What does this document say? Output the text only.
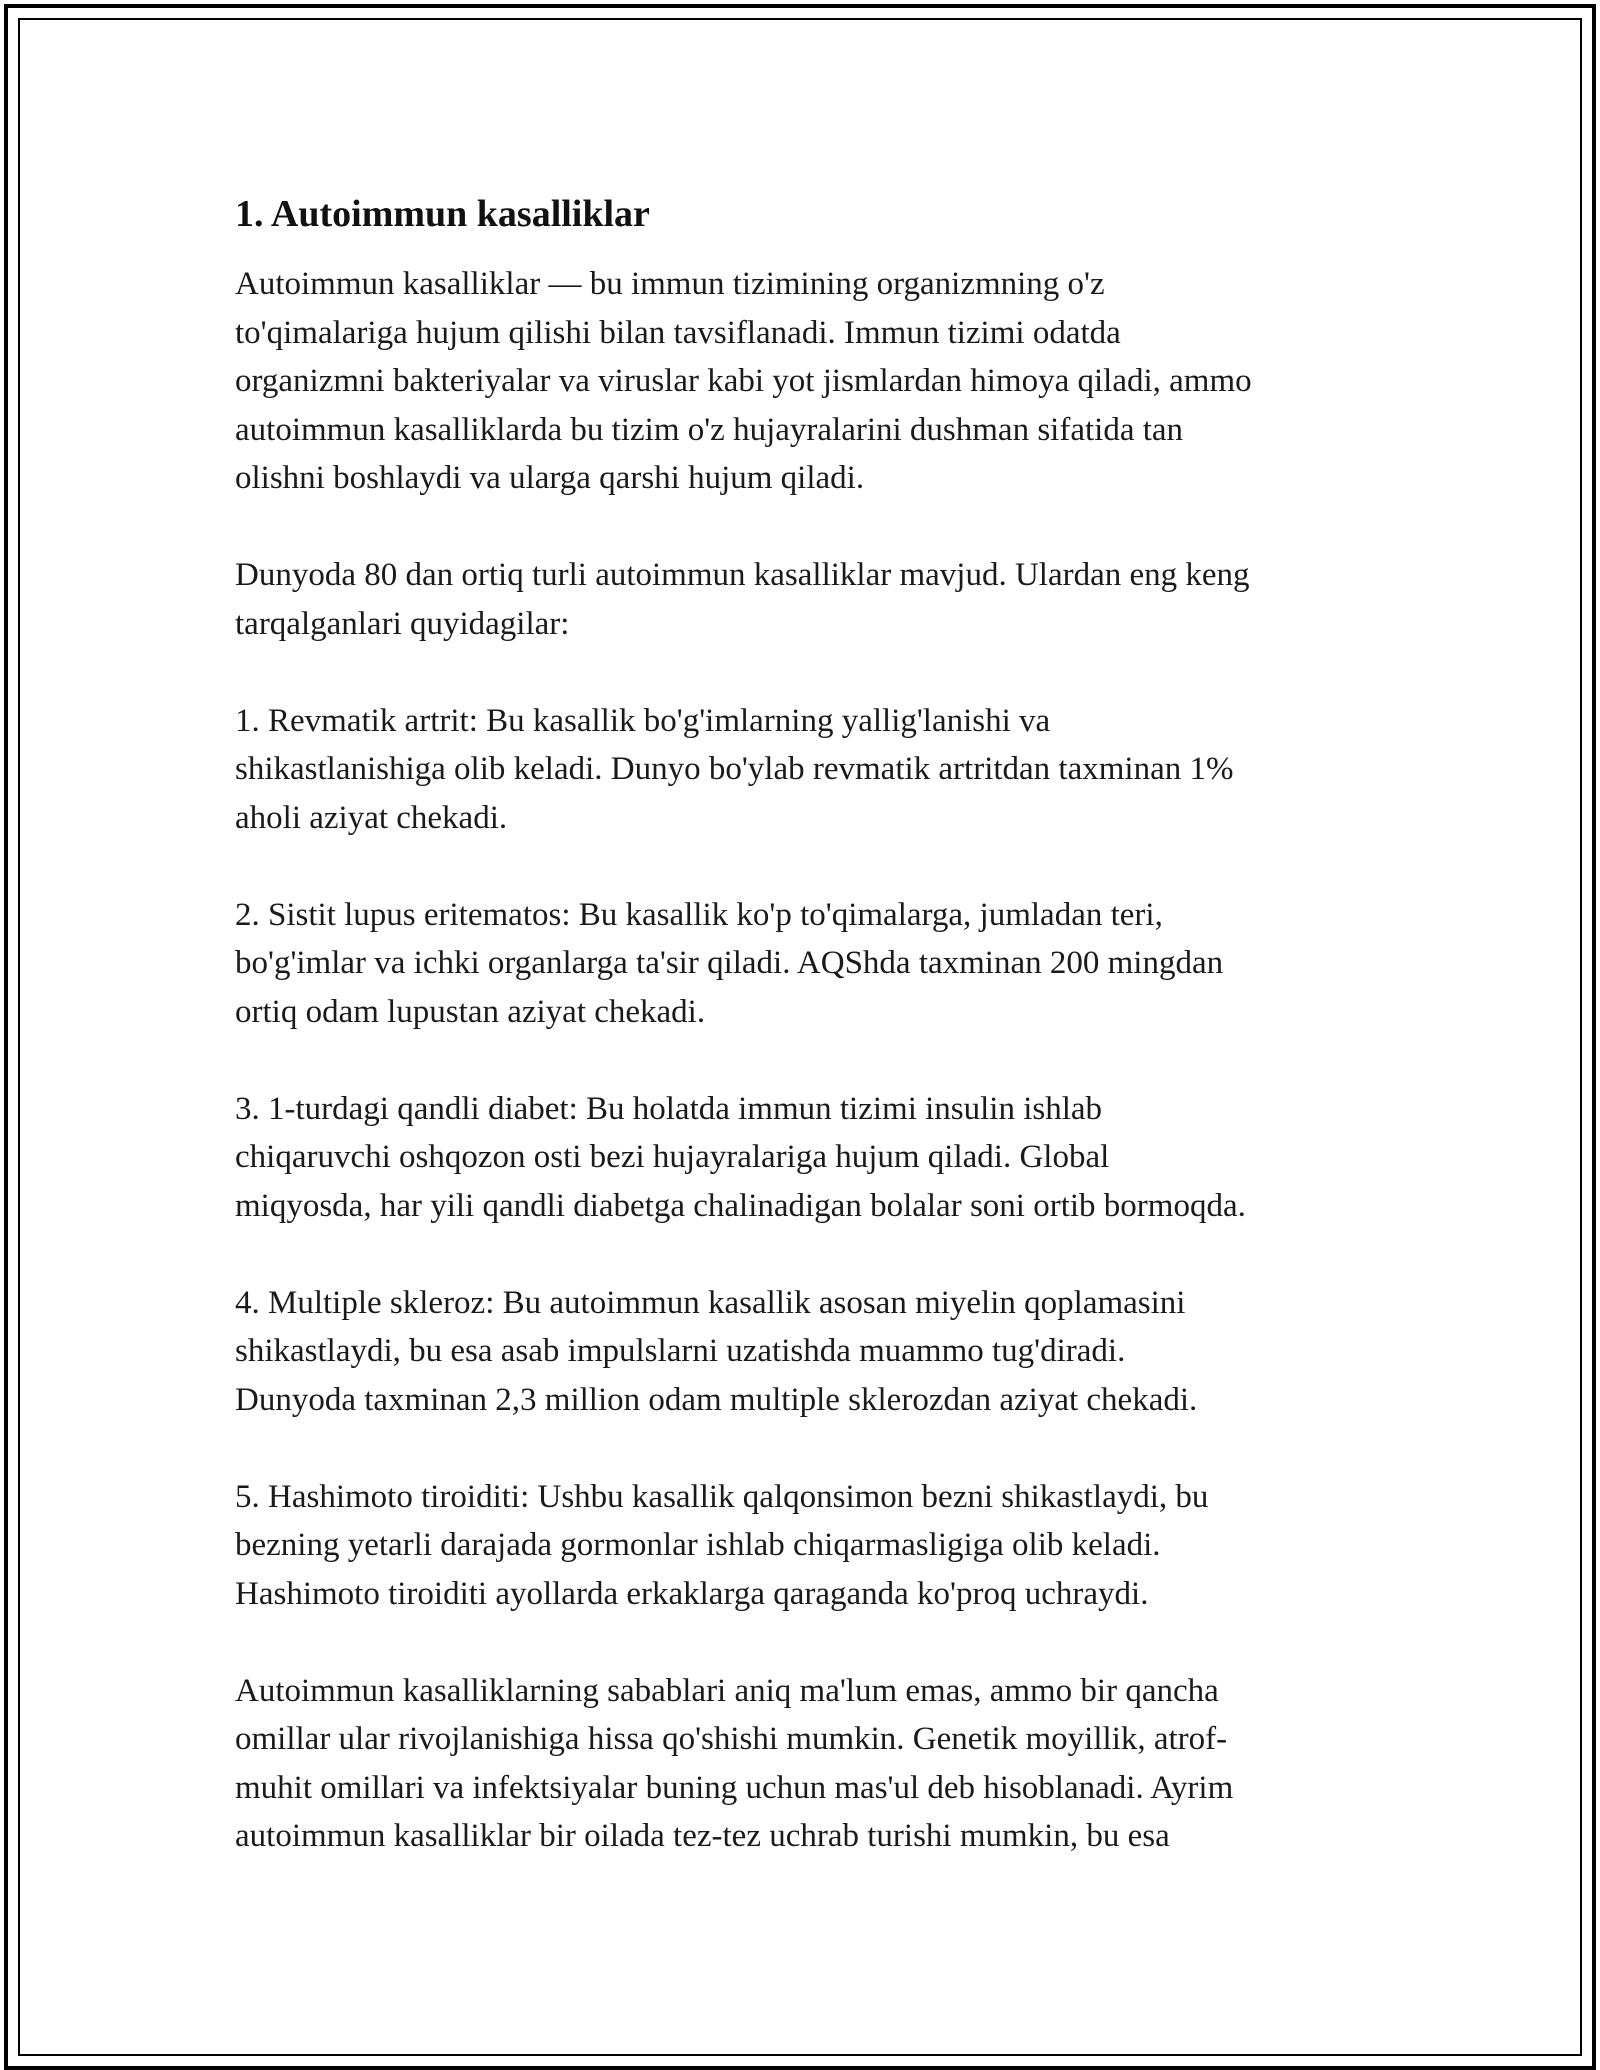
1. Autoimmun kasalliklar

Autoimmun kasalliklar — bu immun tizimining organizmning o'z
to'qimalariga hujum qilishi bilan tavsiflanadi. Immun tizimi odatda
organizmni bakteriyalar va viruslar kabi yot jismlardan himoya qiladi, ammo
autoimmun kasalliklarda bu tizim o'z hujayralarini dushman sifatida tan
olishni boshlaydi va ularga qarshi hujum qiladi.

Dunyoda 80 dan ortiq turli autoimmun kasalliklar mavjud. Ulardan eng keng
tarqalganlari quyidagilar:

1. Revmatik artrit: Bu kasallik bo'g'imlarning yallig'lanishi va
shikastlanishiga olib keladi. Dunyo bo'ylab revmatik artritdan taxminan 1%
aholi aziyat chekadi.

2. Sistit lupus eritematos: Bu kasallik ko'p to'qimalarga, jumladan teri,
bo'g'imlar va ichki organlarga ta'sir qiladi. AQShda taxminan 200 mingdan
ortiq odam lupustan aziyat chekadi.

3. 1-turdagi qandli diabet: Bu holatda immun tizimi insulin ishlab
chiqaruvchi oshqozon osti bezi hujayralariga hujum qiladi. Global
miqyosda, har yili qandli diabetga chalinadigan bolalar soni ortib bormoqda.

4. Multiple skleroz: Bu autoimmun kasallik asosan miyelin qoplamasini
shikastlaydi, bu esa asab impulslarni uzatishda muammo tug'diradi.
Dunyoda taxminan 2,3 million odam multiple sklerozdan aziyat chekadi.

5. Hashimoto tiroiditi: Ushbu kasallik qalqonsimon bezni shikastlaydi, bu
bezning yetarli darajada gormonlar ishlab chiqarmasligiga olib keladi.
Hashimoto tiroiditi ayollarda erkaklarga qaraganda ko'proq uchraydi.

Autoimmun kasalliklarning sabablari aniq ma'lum emas, ammo bir qancha
omillar ular rivojlanishiga hissa qo'shishi mumkin. Genetik moyillik, atrof-
muhit omillari va infektsiyalar buning uchun mas'ul deb hisoblanadi. Ayrim
autoimmun kasalliklar bir oilada tez-tez uchrab turishi mumkin, bu esa
